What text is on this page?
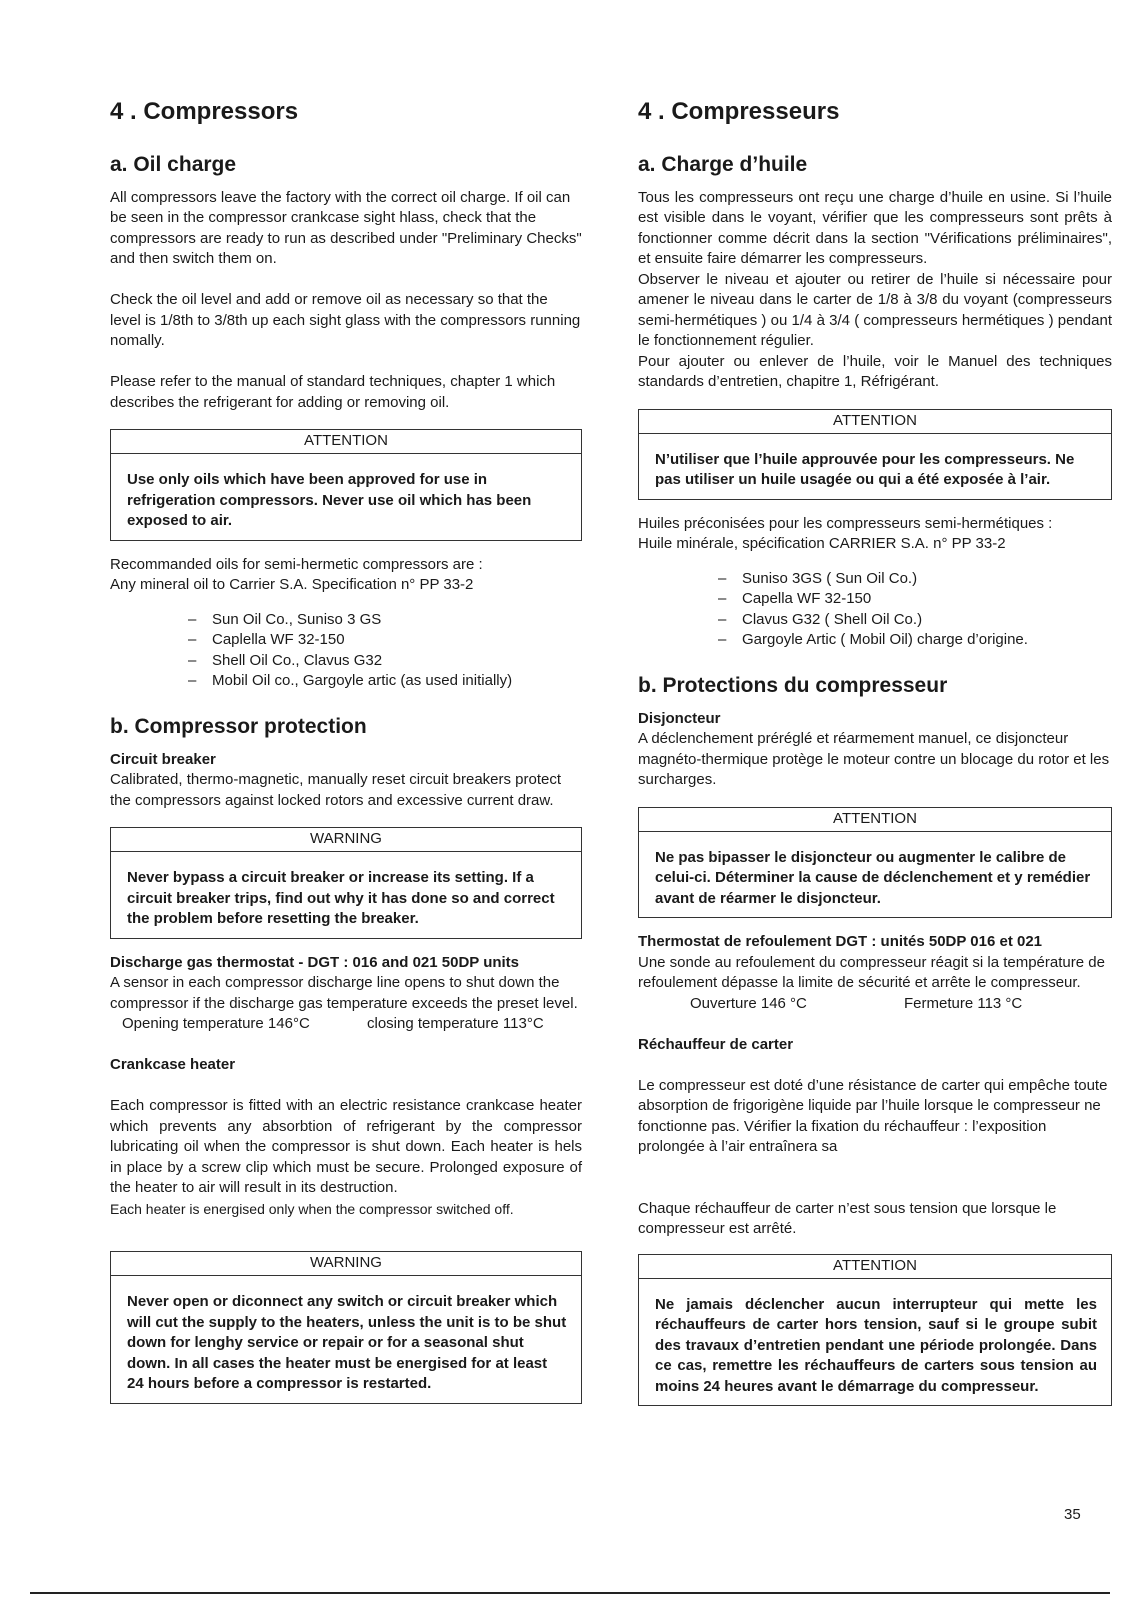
4 . Compressors
a. Oil charge

All compressors leave the factory with the correct oil charge. If oil can be seen in the compressor crankcase sight hlass, check that the compressors are ready to run as described under "Preliminary Checks" and then switch them on.

Check the oil level and add or remove oil as necessary so that the level is 1/8th to 3/8th up each sight glass with the compressors running nomally.

Please refer to the manual of standard techniques, chapter 1 which describes the refrigerant for adding or removing oil.

ATTENTION
Use only oils which have been approved for use in refrigeration compressors. Never use oil which has been exposed to air.

Recommanded oils for semi-hermetic compressors are :

Any mineral oil to Carrier S.A. Specification n° PP 33-2

–	Sun Oil Co., Suniso 3 GS
–	Caplella WF 32-150
–	Shell Oil Co., Clavus G32
–	Mobil Oil co., Gargoyle artic (as used initially)
b. Compressor protection
Circuit breaker

Calibrated, thermo-magnetic, manually reset circuit breakers protect the compressors against locked rotors and excessive current draw.

WARNING
Never bypass a circuit breaker or increase its setting. If a circuit breaker trips, find out why it has done so and correct the problem before resetting the breaker.
Discharge gas thermostat - DGT : 016 and 021 50DP units

A sensor in each compressor discharge line opens to shut down the compressor if the discharge gas temperature exceeds the preset level.

Opening temperature 146°C	closing temperature 113°C
Crankcase heater

Each compressor is fitted with an electric resistance crankcase heater which prevents any absorbtion of refrigerant by the compressor lubricating oil when the compressor is shut down. Each heater is hels in place by a screw clip which must be secure. Prolonged exposure of the heater to air will result in its destruction.

Each heater is energised only when the compressor switched off.

WARNING
Never open or diconnect any switch or circuit breaker which will cut the supply to the heaters, unless the unit is to be shut down for lenghy service or repair or for a seasonal shut down. In all cases the heater must be energised for at least 24 hours before a compressor is restarted.
4 . Compresseurs
a. Charge d’huile

Tous les compresseurs ont reçu une charge d’huile en usine. Si l’huile est visible dans le voyant, vérifier que les compresseurs sont prêts à fonctionner comme décrit dans la section "Vérifications préliminaires", et ensuite faire démarrer les compresseurs.

Observer le niveau et ajouter ou retirer de l’huile si nécessaire pour amener le niveau dans le carter de 1/8 à 3/8 du voyant (compresseurs semi-hermétiques ) ou 1/4 à 3/4 ( compresseurs hermétiques ) pendant le fonctionnement régulier.

Pour ajouter ou enlever de l’huile, voir le Manuel des techniques standards d’entretien, chapitre 1, Réfrigérant.

ATTENTION
N’utiliser que l’huile approuvée pour les compresseurs. Ne pas utiliser un huile usagée ou qui a été exposée à l’air.

Huiles préconisées pour les compresseurs semi-hermétiques :

Huile minérale, spécification CARRIER S.A. n° PP 33-2

–	Suniso 3GS ( Sun Oil Co.)
–	Capella WF 32-150
–	Clavus G32 ( Shell Oil Co.)
–	Gargoyle Artic ( Mobil Oil) charge d’origine.
b. Protections du compresseur
Disjoncteur

A déclenchement préréglé et réarmement manuel, ce disjoncteur magnéto-thermique protège le moteur contre un blocage du rotor et les surcharges.

ATTENTION
Ne pas bipasser le disjoncteur ou augmenter le calibre de celui-ci. Déterminer la cause de déclenchement et y remédier avant de réarmer le disjoncteur.
Thermostat de refoulement DGT : unités 50DP 016 et 021

Une sonde au refoulement du compresseur réagit si la température de refoulement dépasse la limite de sécurité et arrête le compresseur.

Ouverture 146 °C	Fermeture 113 °C
Réchauffeur de carter

Le compresseur est doté d’une résistance de carter qui empêche toute absorption de frigorigène liquide par l’huile lorsque le compresseur ne fonctionne pas. Vérifier la fixation du réchauffeur : l’exposition prolongée à l’air entraînera sa

Chaque réchauffeur de carter n’est sous tension que lorsque le compresseur est arrêté.

ATTENTION
Ne jamais déclencher aucun interrupteur qui mette les réchauffeurs de carter hors tension, sauf si le groupe subit des travaux d’entretien pendant une période prolongée. Dans ce cas, remettre les réchauffeurs de carters sous tension au moins 24 heures avant le démarrage du compresseur.
35
